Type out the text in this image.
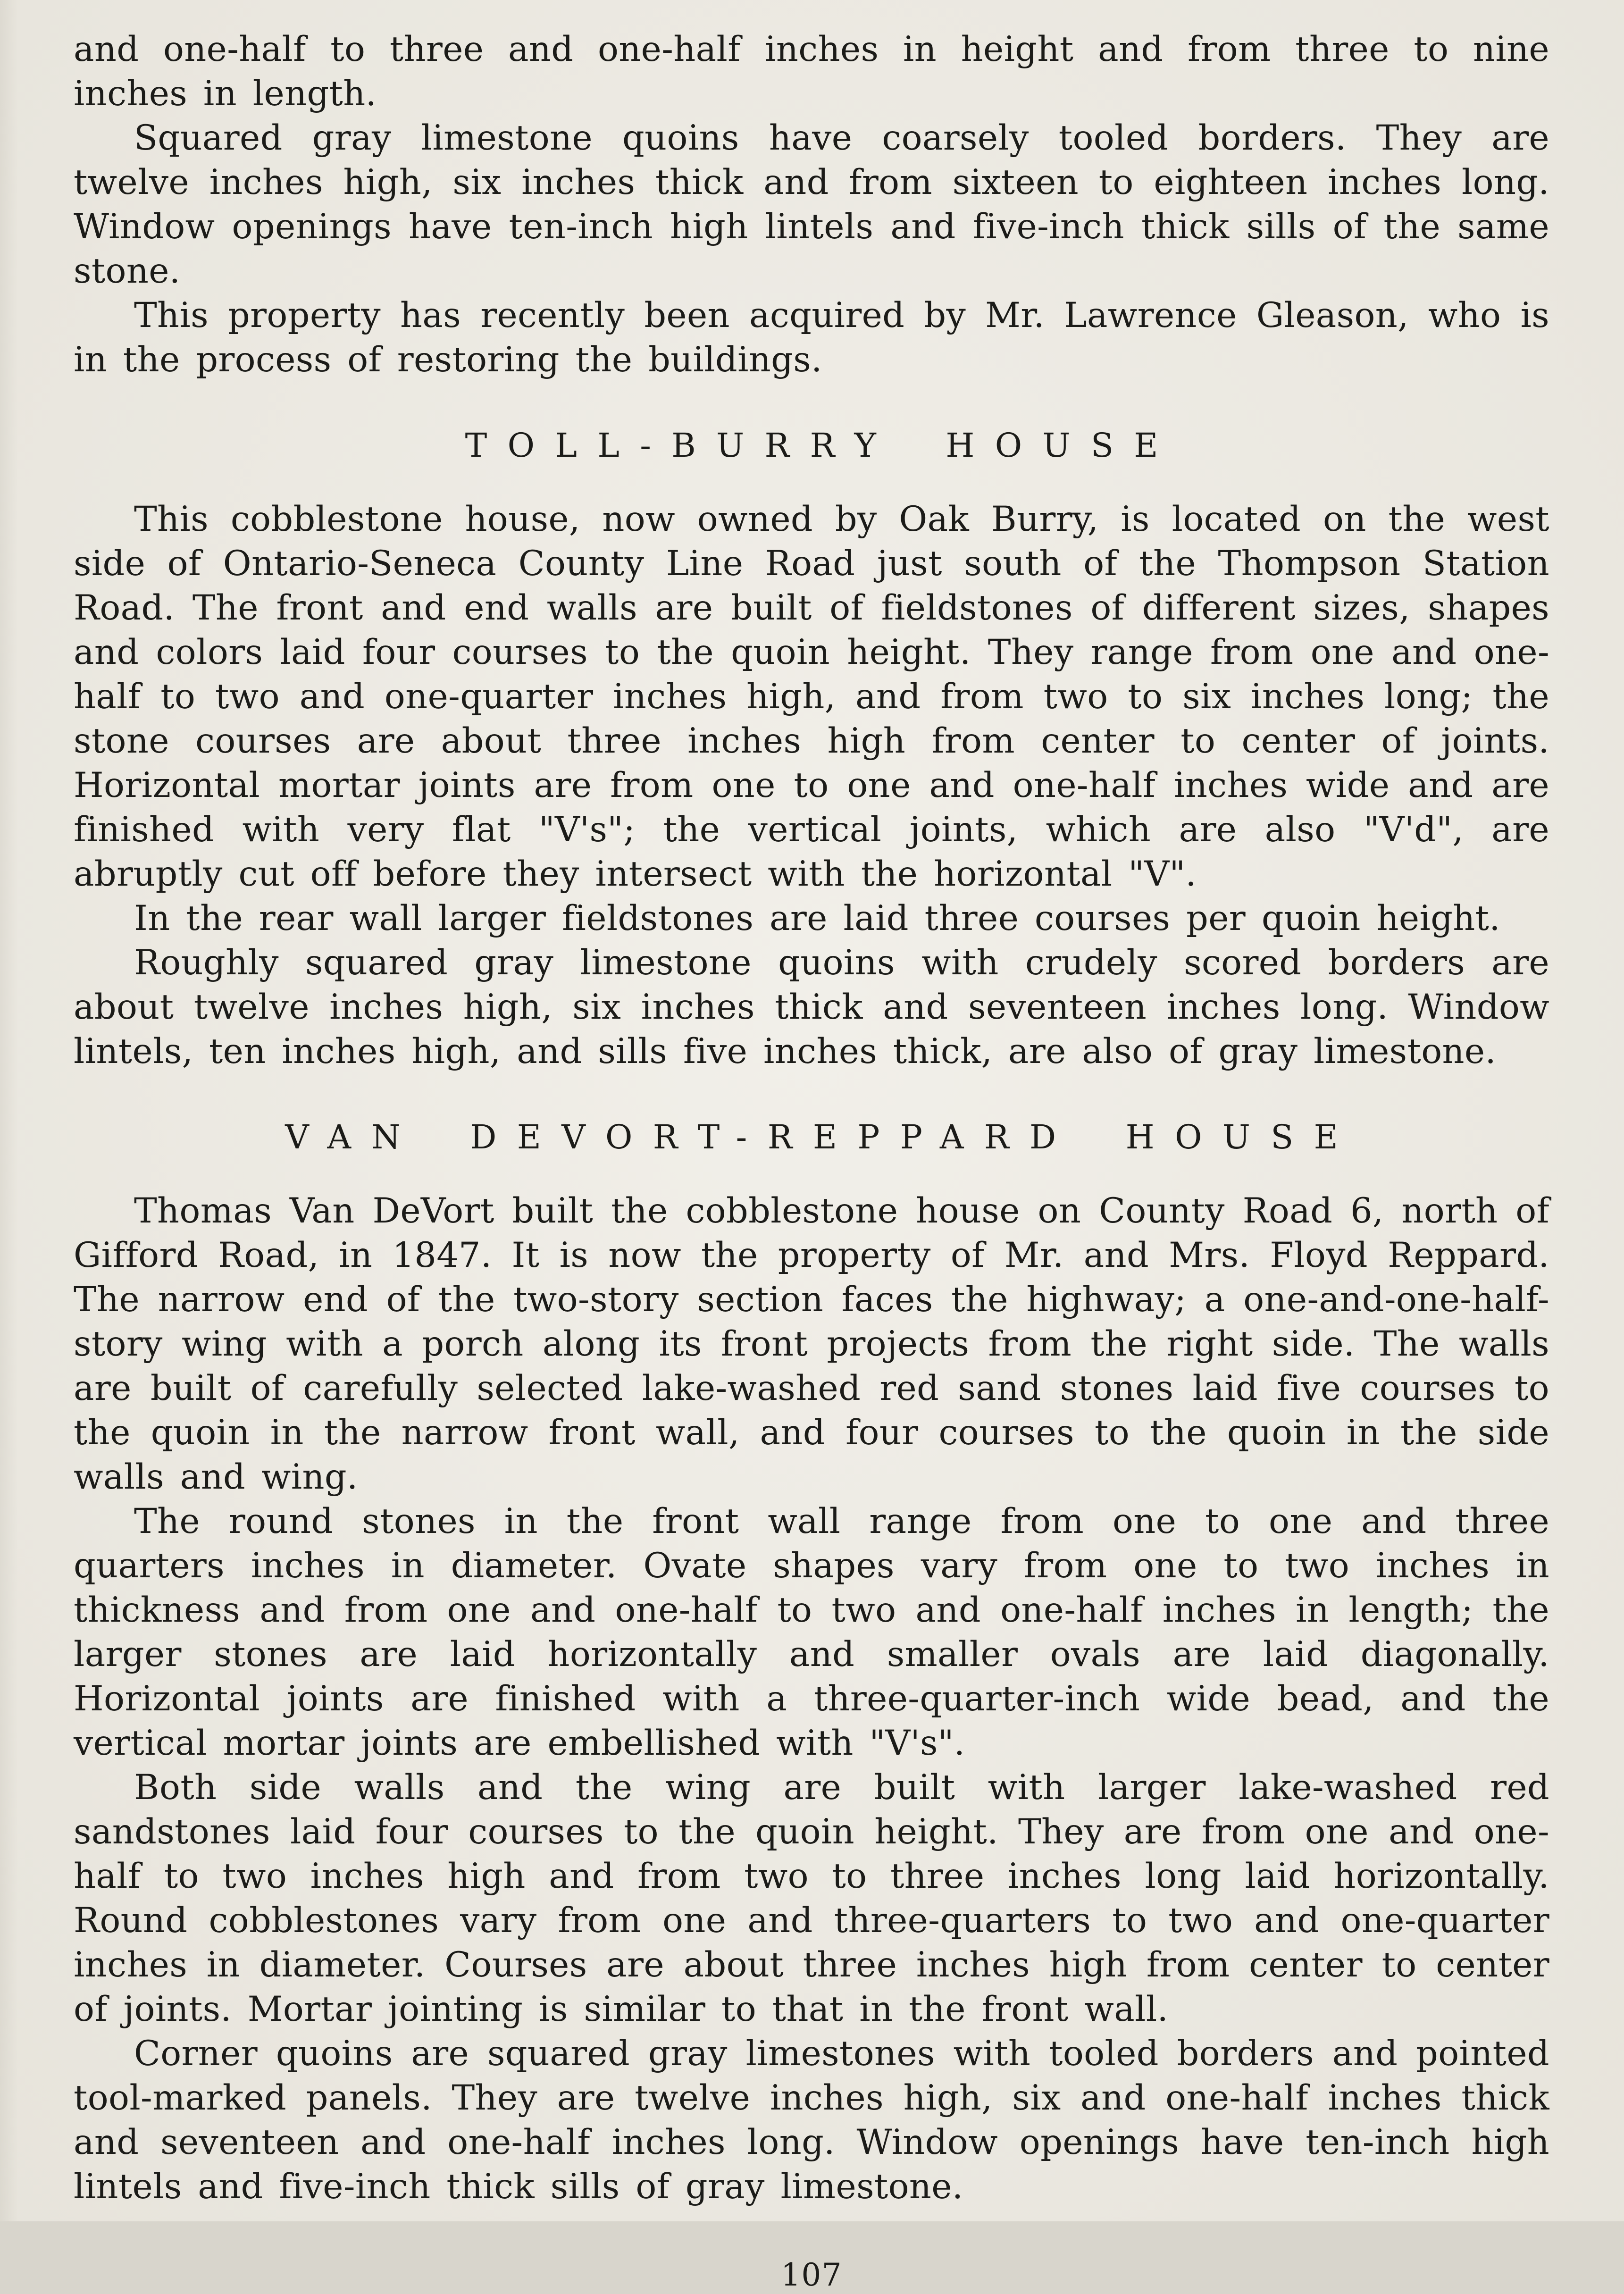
and one-half to three and one-half inches in height and from three to nine inches in length.

Squared gray limestone quoins have coarsely tooled borders. They are twelve inches high, six inches thick and from sixteen to eighteen inches long. Window openings have ten-inch high lintels and five-inch thick sills of the same stone.

This property has recently been acquired by Mr. Lawrence Gleason, who is in the process of restoring the buildings.

TOLL-BURRY HOUSE

This cobblestone house, now owned by Oak Burry, is located on the west side of Ontario-Seneca County Line Road just south of the Thompson Station Road. The front and end walls are built of fieldstones of different sizes, shapes and colors laid four courses to the quoin height. They range from one and one-half to two and one-quarter inches high, and from two to six inches long; the stone courses are about three inches high from center to center of joints. Horizontal mortar joints are from one to one and one-half inches wide and are finished with very flat "V's"; the vertical joints, which are also "V'd", are abruptly cut off before they intersect with the horizontal "V".

In the rear wall larger fieldstones are laid three courses per quoin height.

Roughly squared gray limestone quoins with crudely scored borders are about twelve inches high, six inches thick and seventeen inches long. Window lintels, ten inches high, and sills five inches thick, are also of gray limestone.

VAN DEVORT-REPPARD HOUSE

Thomas Van DeVort built the cobblestone house on County Road 6, north of Gifford Road, in 1847. It is now the property of Mr. and Mrs. Floyd Reppard. The narrow end of the two-story section faces the highway; a one-and-one-half-story wing with a porch along its front projects from the right side. The walls are built of carefully selected lake-washed red sand stones laid five courses to the quoin in the narrow front wall, and four courses to the quoin in the side walls and wing.

The round stones in the front wall range from one to one and three quarters inches in diameter. Ovate shapes vary from one to two inches in thickness and from one and one-half to two and one-half inches in length; the larger stones are laid horizontally and smaller ovals are laid diagonally. Horizontal joints are finished with a three-quarter-inch wide bead, and the vertical mortar joints are embellished with "V's".

Both side walls and the wing are built with larger lake-washed red sandstones laid four courses to the quoin height. They are from one and one-half to two inches high and from two to three inches long laid horizontally. Round cobblestones vary from one and three-quarters to two and one-quarter inches in diameter. Courses are about three inches high from center to center of joints. Mortar jointing is similar to that in the front wall.

Corner quoins are squared gray limestones with tooled borders and pointed tool-marked panels. They are twelve inches high, six and one-half inches thick and seventeen and one-half inches long. Window openings have ten-inch high lintels and five-inch thick sills of gray limestone.

107
